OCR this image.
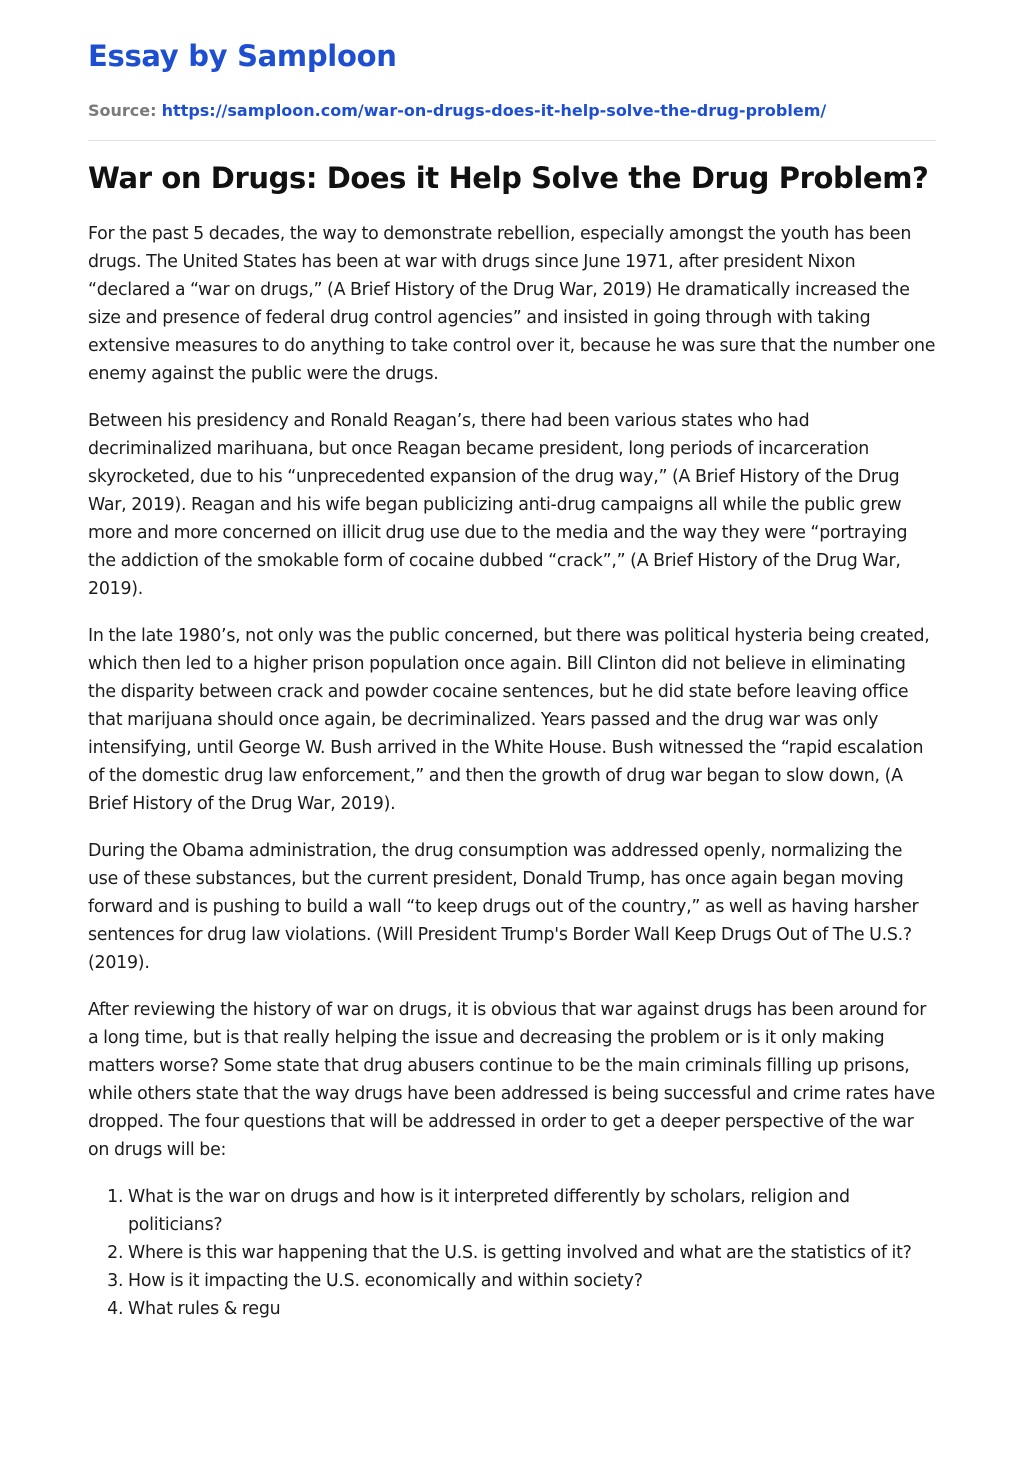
Essay by Samploon
Source: https://samploon.com/war-on-drugs-does-it-help-solve-the-drug-problem/
War on Drugs: Does it Help Solve the Drug Problem?

For the past 5 decades, the way to demonstrate rebellion, especially amongst the youth has been drugs. The United States has been at war with drugs since June 1971, after president Nixon “declared a “war on drugs,” (A Brief History of the Drug War, 2019) He dramatically increased the size and presence of federal drug control agencies” and insisted in going through with taking extensive measures to do anything to take control over it, because he was sure that the number one enemy against the public were the drugs.

Between his presidency and Ronald Reagan’s, there had been various states who had decriminalized marihuana, but once Reagan became president, long periods of incarceration skyrocketed, due to his “unprecedented expansion of the drug way,” (A Brief History of the Drug War, 2019). Reagan and his wife began publicizing anti-drug campaigns all while the public grew more and more concerned on illicit drug use due to the media and the way they were “portraying the addiction of the smokable form of cocaine dubbed “crack”,” (A Brief History of the Drug War, 2019).

In the late 1980’s, not only was the public concerned, but there was political hysteria being created, which then led to a higher prison population once again. Bill Clinton did not believe in eliminating the disparity between crack and powder cocaine sentences, but he did state before leaving office that marijuana should once again, be decriminalized. Years passed and the drug war was only intensifying, until George W. Bush arrived in the White House. Bush witnessed the “rapid escalation of the domestic drug law enforcement,” and then the growth of drug war began to slow down, (A Brief History of the Drug War, 2019).

During the Obama administration, the drug consumption was addressed openly, normalizing the use of these substances, but the current president, Donald Trump, has once again began moving forward and is pushing to build a wall “to keep drugs out of the country,” as well as having harsher sentences for drug law violations. (Will President Trump's Border Wall Keep Drugs Out of The U.S.? (2019).

After reviewing the history of war on drugs, it is obvious that war against drugs has been around for a long time, but is that really helping the issue and decreasing the problem or is it only making matters worse? Some state that drug abusers continue to be the main criminals filling up prisons, while others state that the way drugs have been addressed is being successful and crime rates have dropped. The four questions that will be addressed in order to get a deeper perspective of the war on drugs will be:

1. What is the war on drugs and how is it interpreted differently by scholars, religion and politicians?
2. Where is this war happening that the U.S. is getting involved and what are the statistics of it?
3. How is it impacting the U.S. economically and within society?
4. What rules & regu
